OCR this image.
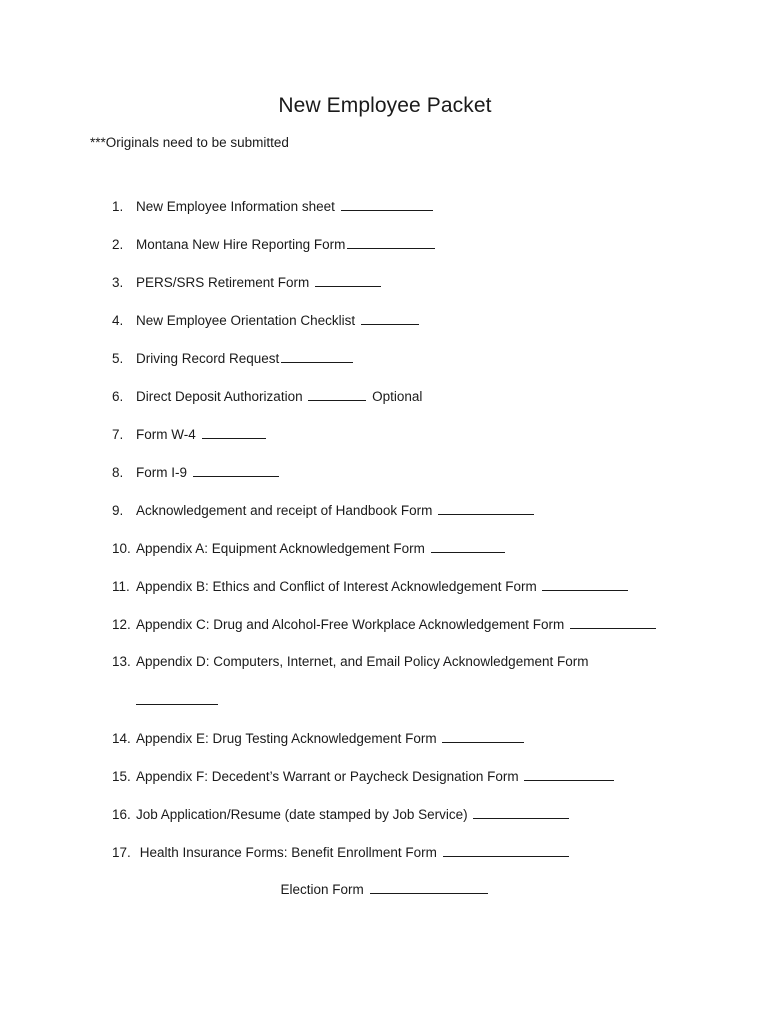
New Employee Packet
***Originals need to be submitted
1. New Employee Information sheet
2. Montana New Hire Reporting Form
3. PERS/SRS Retirement Form
4. New Employee Orientation Checklist
5. Driving Record Request
6. Direct Deposit Authorization	Optional
7. Form W-4
8. Form I-9
9. Acknowledgement and receipt of Handbook Form
10. Appendix A: Equipment Acknowledgement Form
11. Appendix B: Ethics and Conflict of Interest Acknowledgement Form
12. Appendix C: Drug and Alcohol-Free Workplace Acknowledgement Form
13. Appendix D: Computers, Internet, and Email Policy Acknowledgement Form
14. Appendix E: Drug Testing Acknowledgement Form
15. Appendix F: Decedent’s Warrant or Paycheck Designation Form
16. Job Application/Resume (date stamped by Job Service)
17. Health Insurance Forms: Benefit Enrollment Form
Election Form
